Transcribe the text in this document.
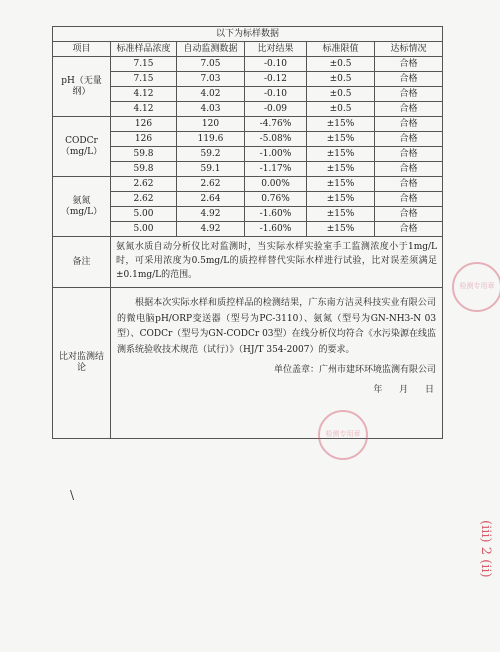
以下为标样数据					
项目	标准样品浓度	自动监测数据	比对结果	标准限值	达标情况
pH（无量纲）	7.15	7.05	-0.10	±0.5	合格
	7.15	7.03	-0.12	±0.5	合格
	4.12	4.02	-0.10	±0.5	合格
	4.12	4.03	-0.09	±0.5	合格
CODCr（mg/L）	126	120	-4.76%	±15%	合格
	126	119.6	-5.08%	±15%	合格
	59.8	59.2	-1.00%	±15%	合格
	59.8	59.1	-1.17%	±15%	合格
氨氮（mg/L）	2.62	2.62	0.00%	±15%	合格
	2.62	2.64	0.76%	±15%	合格
	5.00	4.92	-1.60%	±15%	合格
	5.00	4.92	-1.60%	±15%	合格
备注	氨氮水质自动分析仪比对监测时，当实际水样实验室手工监测浓度小于1mg/L时，可采用浓度为0.5mg/L的质控样替代实际水样进行试验，比对误差须满足±0.1mg/L的范围。				
比对监测结论	根据本次实际水样和质控样品的检测结果，广东南方洁灵科技实业有限公司的微电脑pH/ORP变送器（型号为PC-3110）、氨氮（型号为GN-NH3-N 03型）、CODCr（型号为GN-CODCr 03型）在线分析仪均符合《水污染源在线监测系统验收技术规范（试行）》（HJ/T 354-2007）的要求。

单位盖章：广州市建环环境监测有限公司
年 月 日				
检测专用章
检测专用章
\
(iii) 2 (ii)
